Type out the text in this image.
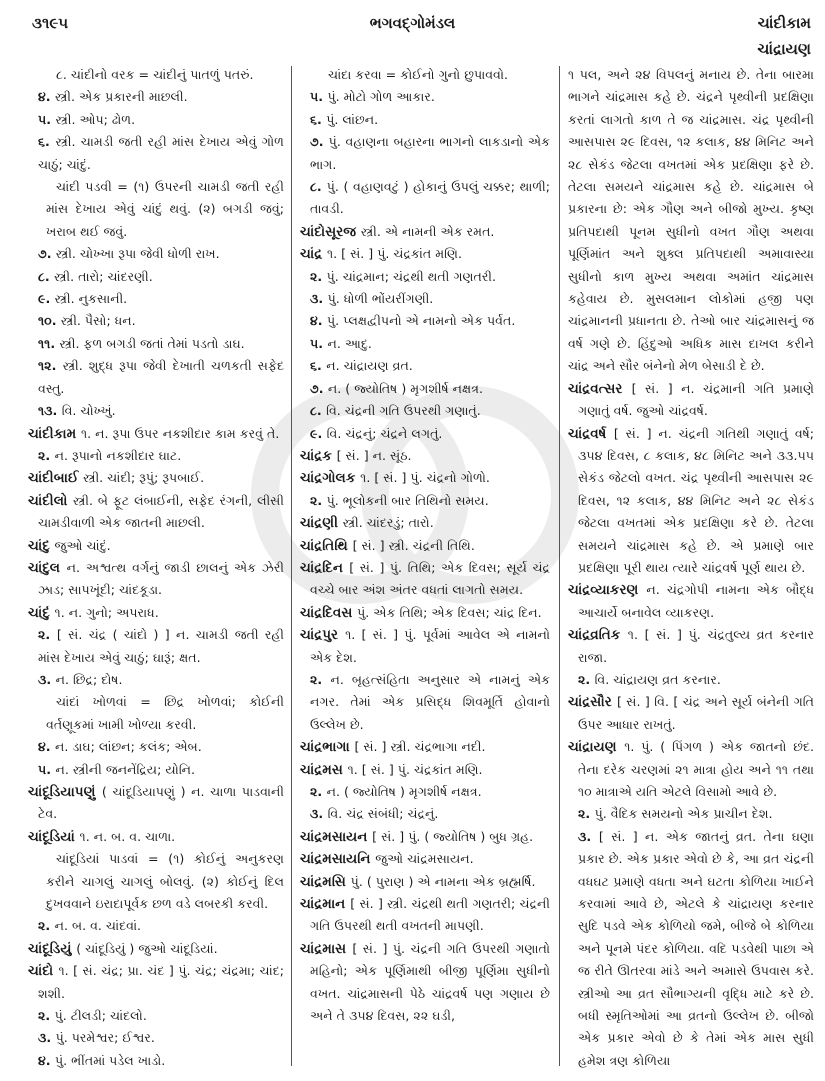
૩૧૯૫	ભગવદ્ગોમંડલ	ચાંદીકામ
ચાંદ્રાયણ

૮. ચાંદીનો વરક = ચાંદીનું પાતળું પતરું.

૪. સ્ત્રી. એક પ્રકારની માછલી.

૫. સ્ત્રી. ઓપ; ઢોળ.

૬. સ્ત્રી. ચામડી જતી રહી માંસ દેખાય એવું ગોળ ચાઠું; ચાંદું.

ચાંદી પડવી = (૧) ઉપરની ચામડી જતી રહી માંસ દેખાય એવું ચાંદું થવું. (૨) બગડી જવું; ખરાબ થઈ જવું.

૭. સ્ત્રી. ચોખ્ખા રૂપા જેવી ધોળી રાખ.

૮. સ્ત્રી. તારો; ચાંદરણી.

૯. સ્ત્રી. નુકસાની.

૧૦. સ્ત્રી. પૈસો; ધન.

૧૧. સ્ત્રી. ફળ બગડી જતાં તેમાં પડતો ડાઘ.

૧૨. સ્ત્રી. શુદ્ધ રૂપા જેવી દેખાતી ચળકતી સફેદ વસ્તુ.

૧૩. વિ. ચોખ્ખું.

ચાંદીકામ ૧. ન. રૂપા ઉપર નકશીદાર કામ કરવું તે.

૨. ન. રૂપાનો નકશીદાર ઘાટ.

ચાંદીબાઈ સ્ત્રી. ચાંદી; રૂપું; રૂપબાઈ.

ચાંદીલો સ્ત્રી. બે ફૂટ લંબાઈની, સફેદ રંગની, લીસી ચામડીવાળી એક જાતની માછલી.

ચાંદુ જુઓ ચાંદું.

ચાંદુલ ન. અશ્વત્થ વર્ગનું જાડી છાલનું એક ઝેરી ઝાડ; સાપખૂંદી; ચાંદકૂડા.

ચાંદું ૧. ન. ગુનો; અપરાધ.

૨. [ સં. ચંદ્ર ( ચાંદો ) ] ન. ચામડી જતી રહી માંસ દેખાય એવું ચાઠું; ઘારૂં; ક્ષત.

૩. ન. છિદ્ર; દોષ.

ચાંદાં ખોળવાં = છિદ્ર ખોળવાં; કોઈની વર્તણૂકમાં ખામી ખોળ્યા કરવી.

૪. ન. ડાઘ; લાંછન; કલંક; એબ.

૫. ન. સ્ત્રીની જનનેંદ્રિય; યોનિ.

ચાંદૂડિયાપણું ( ચાંદૂડિયાપણું ) ન. ચાળા પાડવાની ટેવ.

ચાંદૂડિયાં ૧. ન. બ. વ. ચાળા.

ચાંદૂડિયાં પાડવાં = (૧) કોઈનું અનુકરણ કરીને ચાગલું ચાગલું બોલવું. (૨) કોઈનું દિલ દુખવવાને ઇરાદાપૂર્વક છળ વડે લબરકી કરવી.

૨. ન. બ. વ. ચાંદવાં.

ચાંદૂડિયું ( ચાંદૂડિયું ) જુઓ ચાંદૂડિયાં.

ચાંદો ૧. [ સં. ચંદ્ર; પ્રા. ચંદ ] પું. ચંદ્ર; ચંદ્રમા; ચાંદ; શશી.

૨. પું. ટીલડી; ચાંદલો.

૩. પું. પરમેશ્વર; ઈશ્વર.

૪. પું. ભીંતમાં પડેલ ખાડો.

ચાંદા કરવા = કોઈનો ગુનો છુપાવવો.

૫. પું. મોટો ગોળ આકાર.

૬. પું. લાંછન.

૭. પું. વહાણના બહારના ભાગનો લાકડાનો એક ભાગ.

૮. પું. ( વહાણવટું ) હોકાનું ઉપલું ચક્કર; થાળી; તાવડી.

ચાંદોસૂરજ સ્ત્રી. એ નામની એક રમત.

ચાંદ્ર ૧. [ સં. ] પું. ચંદ્રકાંત મણિ.

૨. પું. ચાંદ્રમાન; ચંદ્રથી થતી ગણતરી.

૩. પું. ધોળી ભોંયરીંગણી.

૪. પું. પ્લક્ષદ્વીપનો એ નામનો એક પર્વત.

૫. ન. આદુ.

૬. ન. ચાંદ્રાયણ વ્રત.

૭. ન. ( જ્યોતિષ ) મૃગશીર્ષ નક્ષત્ર.

૮. વિ. ચંદ્રની ગતિ ઉપરથી ગણાતું.

૯. વિ. ચંદ્રનું; ચંદ્રને લગતું.

ચાંદ્રક [ સં. ] ન. સૂંઠ.

ચાંદ્રગોલક ૧. [ સં. ] પું. ચંદ્રનો ગોળો.

૨. પું. ભૂલોકની બાર તિથિનો સમય.

ચાંદ્રણી સ્ત્રી. ચાંદરડું; તારો.

ચાંદ્રતિથિ [ સં. ] સ્ત્રી. ચંદ્રની તિથિ.

ચાંદ્રદિન [ સં. ] પું. તિથિ; એક દિવસ; સૂર્ય ચંદ્ર વચ્ચે બાર અંશ અંતર વધતાં લાગતો સમય.

ચાંદ્રદિવસ પું. એક તિથિ; એક દિવસ; ચાંદ્ર દિન.

ચાંદ્રપુર ૧. [ સં. ] પું. પૂર્વમાં આવેલ એ નામનો એક દેશ.

૨. ન. બૃહત્સંહિતા અનુસાર એ નામનું એક નગર. તેમાં એક પ્રસિદ્ધ શિવમૂર્તિ હોવાનો ઉલ્લેખ છે.

ચાંદ્રભાગા [ સં. ] સ્ત્રી. ચંદ્રભાગા નદી.

ચાંદ્રમસ ૧. [ સં. ] પું. ચંદ્રકાંત મણિ.

૨. ન. ( જ્યોતિષ ) મૃગશીર્ષ નક્ષત્ર.

૩. વિ. ચંદ્ર સંબંધી; ચંદ્રનું.

ચાંદ્રમસાયન [ સં. ] પું. ( જ્યોતિષ ) બુધ ગ્રહ.

ચાંદ્રમસાયનિ જુઓ ચાંદ્રમસાયન.

ચાંદ્રમસિ પું. ( પુરાણ ) એ નામના એક બ્રહ્મર્ષિ.

ચાંદ્રમાન [ સં. ] સ્ત્રી. ચંદ્રથી થતી ગણતરી; ચંદ્રની ગતિ ઉપરથી થતી વખતની માપણી.

ચાંદ્રમાસ [ સં. ] પું. ચંદ્રની ગતિ ઉપરથી ગણાતો મહિનો; એક પૂર્ણિમાથી બીજી પૂર્ણિમા સુધીનો વખત. ચાંદ્રમાસની પેઠે ચાંદ્રવર્ષ પણ ગણાય છે અને તે ૩૫૪ દિવસ, ૨૨ ઘડી,

૧ પલ, અને ૨૪ વિપલનું મનાય છે. તેના બારમા ભાગને ચાંદ્રમાસ કહે છે. ચંદ્રને પૃથ્વીની પ્રદક્ષિણા કરતાં લાગતો કાળ તે જ ચાંદ્રમાસ. ચંદ્ર પૃથ્વીની આસપાસ ૨૯ દિવસ, ૧૨ કલાક, ૪૪ મિનિટ અને ૨૮ સેકંડ જેટલા વખતમાં એક પ્રદક્ષિણા ફરે છે. તેટલા સમયને ચાંદ્રમાસ કહે છે. ચાંદ્રમાસ બે પ્રકારના છે: એક ગૌણ અને બીજો મુખ્ય. કૃષ્ણ પ્રતિપદાથી પૂનમ સુધીનો વખત ગૌણ અથવા પૂર્ણિમાંત અને શુક્લ પ્રતિપદાથી અમાવાસ્યા સુધીનો કાળ મુખ્ય અથવા અમાંત ચાંદ્રમાસ કહેવાય છે. મુસલમાન લોકોમાં હજી પણ ચાંદ્રમાનની પ્રધાનતા છે. તેઓ બાર ચાંદ્રમાસનું જ વર્ષ ગણે છે. હિંદુઓ અધિક માસ દાખલ કરીને ચાંદ્ર અને સૌર બંનેનો મેળ બેસાડી દે છે.

ચાંદ્રવત્સર [ સં. ] ન. ચંદ્રમાની ગતિ પ્રમાણે ગણાતું વર્ષ. જુઓ ચાંદ્રવર્ષ.

ચાંદ્રવર્ષ [ સં. ] ન. ચંદ્રની ગતિથી ગણાતું વર્ષ; ૩૫૪ દિવસ, ૮ કલાક, ૪૮ મિનિટ અને ૩૩.૫૫ સેકંડ જેટલો વખત. ચંદ્ર પૃથ્વીની આસપાસ ૨૯ દિવસ, ૧૨ કલાક, ૪૪ મિનિટ અને ૨૮ સેકંડ જેટલા વખતમાં એક પ્રદક્ષિણા કરે છે. તેટલા સમયને ચાંદ્રમાસ કહે છે. એ પ્રમાણે બાર પ્રદક્ષિણા પૂરી થાય ત્યારે ચાંદ્રવર્ષ પૂર્ણ થાય છે.

ચાંદ્રવ્યાકરણ ન. ચંદ્રગોપી નામના એક બૌદ્ધ આચાર્યે બનાવેલ વ્યાકરણ.

ચાંદ્રવ્રતિક ૧. [ સં. ] પું. ચંદ્રતુલ્ય વ્રત કરનાર રાજા.

૨. વિ. ચાંદ્રાયણ વ્રત કરનાર.

ચાંદ્રસૌર [ સં. ] વિ. [ ચંદ્ર અને સૂર્ય બંનેની ગતિ ઉપર આધાર રાખતું.

ચાંદ્રાયણ ૧. પું. ( પિંગળ ) એક જાતનો છંદ. તેના દરેક ચરણમાં ૨૧ માત્રા હોય અને ૧૧ તથા ૧૦ માત્રાએ યતિ એટલે વિસામો આવે છે.

૨. પું. વૈદિક સમયનો એક પ્રાચીન દેશ.

૩. [ સં. ] ન. એક જાતનું વ્રત. તેના ઘણા પ્રકાર છે. એક પ્રકાર એવો છે કે, આ વ્રત ચંદ્રની વધઘટ પ્રમાણે વધતા અને ઘટતા કોળિયા ખાઈને કરવામાં આવે છે, એટલે કે ચાંદ્રાયણ કરનાર સુદિ પડવે એક કોળિયો જમે, બીજે બે કોળિયા અને પૂનમે પંદર કોળિયા. વદિ પડવેથી પાછા એ જ રીતે ઊતરવા માંડે અને અમાસે ઉપવાસ કરે. સ્ત્રીઓ આ વ્રત સૌભાગ્યની વૃદ્ધિ માટે કરે છે. બધી સ્મૃતિઓમાં આ વ્રતનો ઉલ્લેખ છે. બીજો એક પ્રકાર એવો છે કે તેમાં એક માસ સુધી હમેશ ત્રણ કોળિયા
